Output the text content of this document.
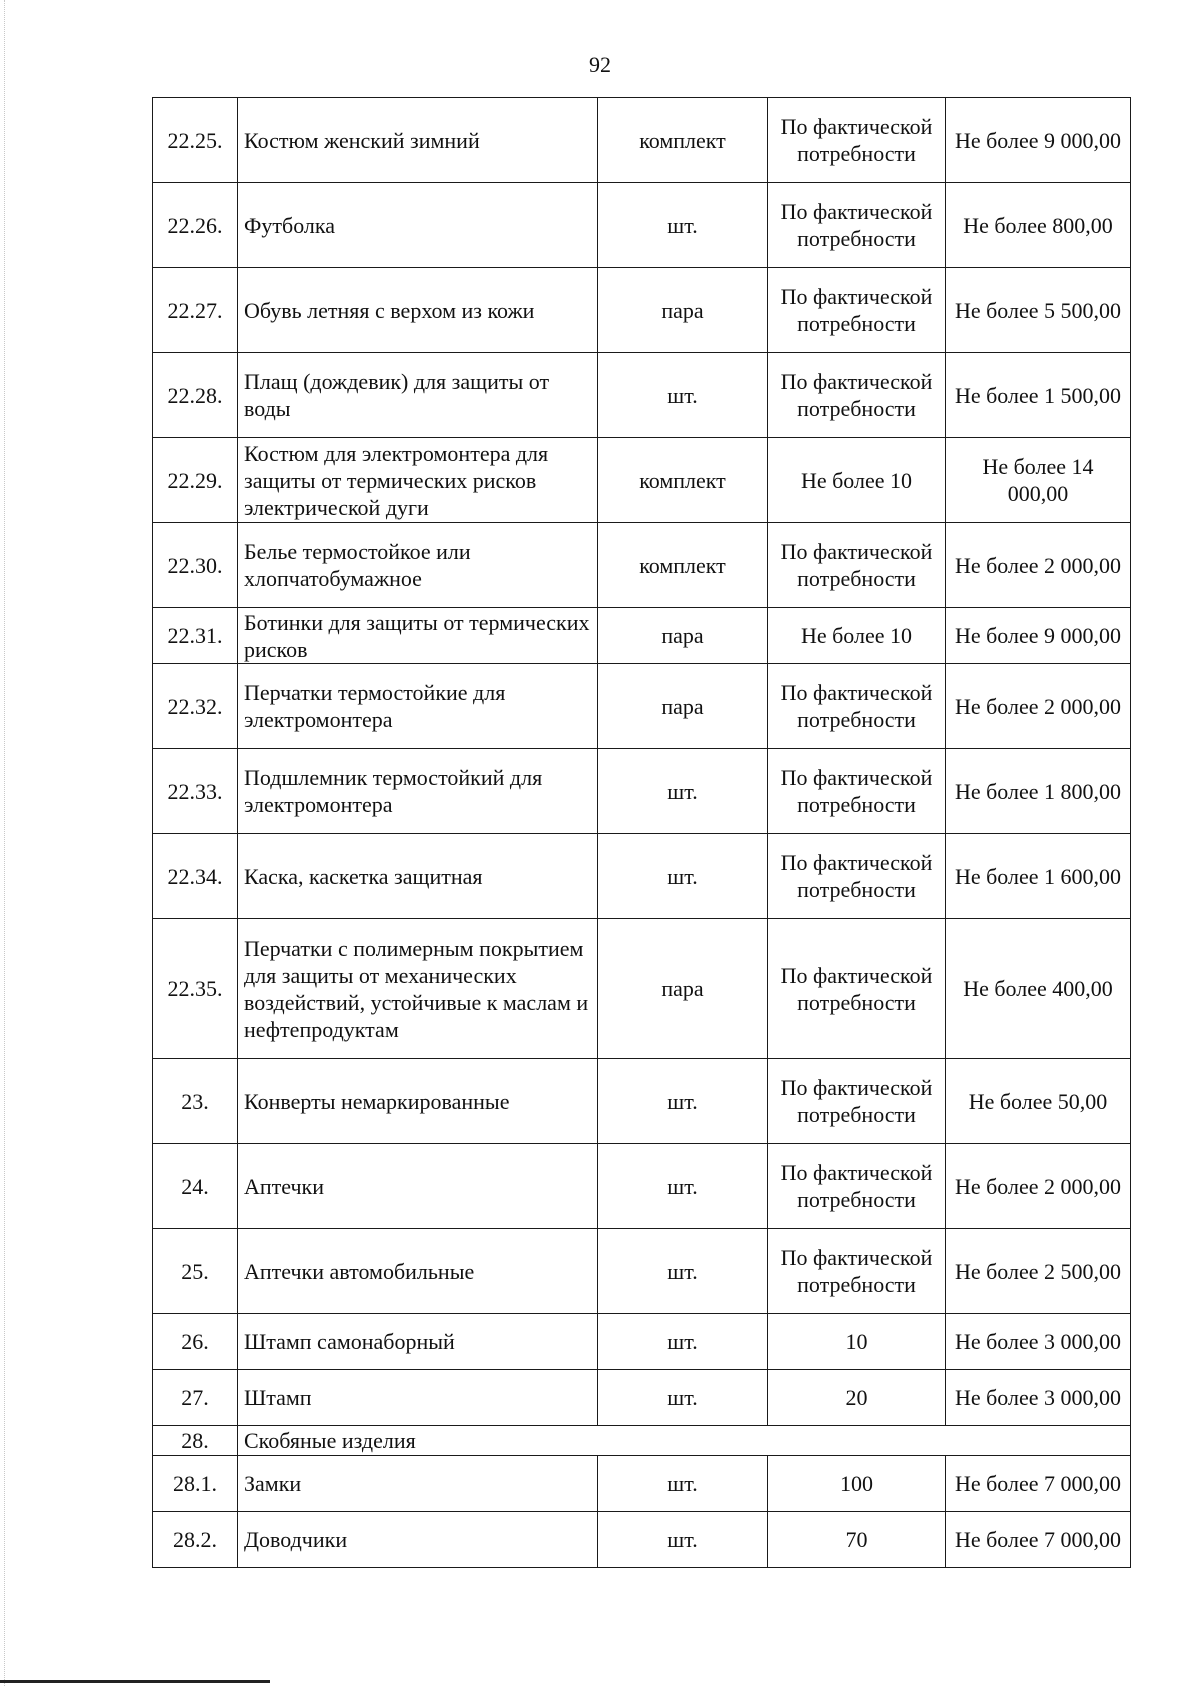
92
22.25.	Костюм женский зимний	комплект	По фактической потребности	Не более 9 000,00
22.26.	Футболка	шт.	По фактической потребности	Не более 800,00
22.27.	Обувь летняя с верхом из кожи	пара	По фактической потребности	Не более 5 500,00
22.28.	Плащ (дождевик) для защиты от воды	шт.	По фактической потребности	Не более 1 500,00
22.29.	Костюм для электромонтера для защиты от термических рисков электрической дуги	комплект	Не более 10	Не более 14 000,00
22.30.	Белье термостойкое или хлопчатобумажное	комплект	По фактической потребности	Не более 2 000,00
22.31.	Ботинки для защиты от термических рисков	пара	Не более 10	Не более 9 000,00
22.32.	Перчатки термостойкие для электромонтера	пара	По фактической потребности	Не более 2 000,00
22.33.	Подшлемник термостойкий для электромонтера	шт.	По фактической потребности	Не более 1 800,00
22.34.	Каска, каскетка защитная	шт.	По фактической потребности	Не более 1 600,00
22.35.	Перчатки с полимерным покрытием для защиты от механических воздействий, устойчивые к маслам и нефтепродуктам	пара	По фактической потребности	Не более 400,00
23.	Конверты немаркированные	шт.	По фактической потребности	Не более 50,00
24.	Аптечки	шт.	По фактической потребности	Не более 2 000,00
25.	Аптечки автомобильные	шт.	По фактической потребности	Не более 2 500,00
26.	Штамп самонаборный	шт.	10	Не более 3 000,00
27.	Штамп	шт.	20	Не более 3 000,00
28.	Скобяные изделия			
28.1.	Замки	шт.	100	Не более 7 000,00
28.2.	Доводчики	шт.	70	Не более 7 000,00
